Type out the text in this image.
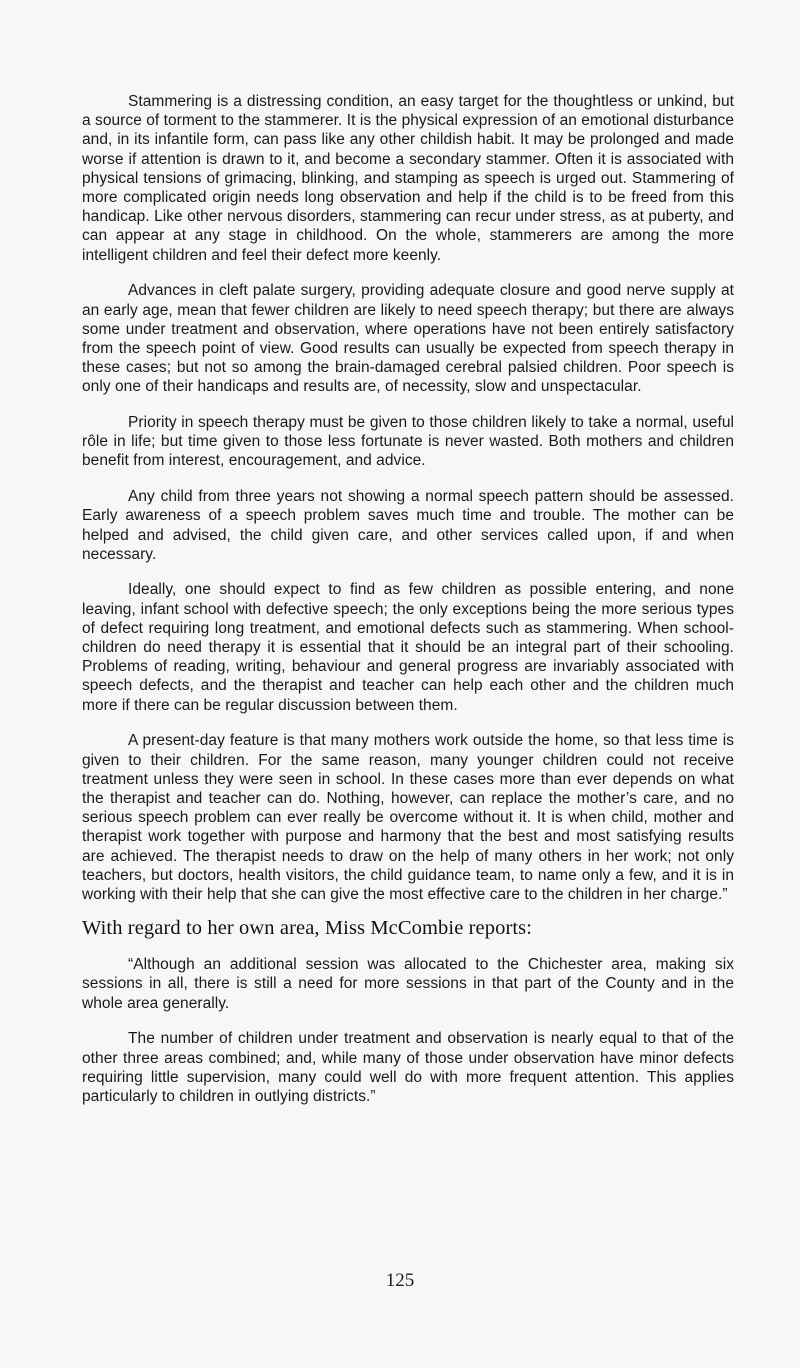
Stammering is a distressing condition, an easy target for the thoughtless or unkind, but a source of torment to the stammerer. It is the physical expression of an emotional disturbance and, in its infantile form, can pass like any other childish habit. It may be prolonged and made worse if attention is drawn to it, and become a secondary stammer. Often it is associated with physical tensions of grimacing, blinking, and stamping as speech is urged out. Stammering of more complicated origin needs long observation and help if the child is to be freed from this handicap. Like other nervous disorders, stammering can recur under stress, as at puberty, and can appear at any stage in childhood. On the whole, stammerers are among the more intelligent children and feel their defect more keenly.

Advances in cleft palate surgery, providing adequate closure and good nerve supply at an early age, mean that fewer children are likely to need speech therapy; but there are always some under treatment and observation, where operations have not been entirely satisfactory from the speech point of view. Good results can usually be expected from speech therapy in these cases; but not so among the brain-damaged cerebral palsied children. Poor speech is only one of their handicaps and results are, of necessity, slow and unspectacular.

Priority in speech therapy must be given to those children likely to take a normal, useful rôle in life; but time given to those less fortunate is never wasted. Both mothers and children benefit from interest, encouragement, and advice.

Any child from three years not showing a normal speech pattern should be assessed. Early awareness of a speech problem saves much time and trouble. The mother can be helped and advised, the child given care, and other services called upon, if and when necessary.

Ideally, one should expect to find as few children as possible entering, and none leaving, infant school with defective speech; the only exceptions being the more serious types of defect requiring long treatment, and emotional defects such as stammering. When school-children do need therapy it is essential that it should be an integral part of their schooling. Problems of reading, writing, behaviour and general progress are invariably associated with speech defects, and the therapist and teacher can help each other and the children much more if there can be regular discussion between them.

A present-day feature is that many mothers work outside the home, so that less time is given to their children. For the same reason, many younger children could not receive treatment unless they were seen in school. In these cases more than ever depends on what the therapist and teacher can do. Nothing, however, can replace the mother’s care, and no serious speech problem can ever really be overcome without it. It is when child, mother and therapist work together with purpose and harmony that the best and most satisfying results are achieved. The therapist needs to draw on the help of many others in her work; not only teachers, but doctors, health visitors, the child guidance team, to name only a few, and it is in working with their help that she can give the most effective care to the children in her charge.”

With regard to her own area, Miss McCombie reports:

“Although an additional session was allocated to the Chichester area, making six sessions in all, there is still a need for more sessions in that part of the County and in the whole area generally.

The number of children under treatment and observation is nearly equal to that of the other three areas combined; and, while many of those under observation have minor defects requiring little supervision, many could well do with more frequent attention. This applies particularly to children in outlying districts.”

125
